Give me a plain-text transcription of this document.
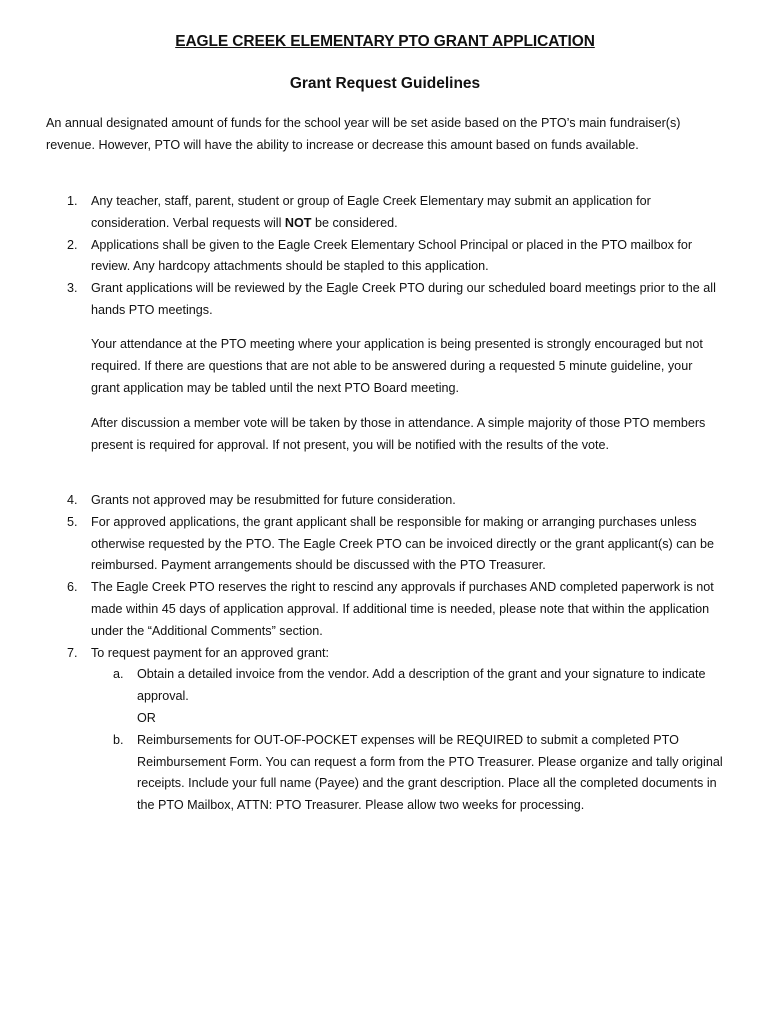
EAGLE CREEK ELEMENTARY PTO GRANT APPLICATION
Grant Request Guidelines
An annual designated amount of funds for the school year will be set aside based on the PTO’s main fundraiser(s) revenue. However, PTO will have the ability to increase or decrease this amount based on funds available.
1. Any teacher, staff, parent, student or group of Eagle Creek Elementary may submit an application for consideration. Verbal requests will NOT be considered.
2. Applications shall be given to the Eagle Creek Elementary School Principal or placed in the PTO mailbox for review. Any hardcopy attachments should be stapled to this application.
3. Grant applications will be reviewed by the Eagle Creek PTO during our scheduled board meetings prior to the all hands PTO meetings.
Your attendance at the PTO meeting where your application is being presented is strongly encouraged but not required. If there are questions that are not able to be answered during a requested 5 minute guideline, your grant application may be tabled until the next PTO Board meeting.
After discussion a member vote will be taken by those in attendance. A simple majority of those PTO members present is required for approval. If not present, you will be notified with the results of the vote.
4. Grants not approved may be resubmitted for future consideration.
5. For approved applications, the grant applicant shall be responsible for making or arranging purchases unless otherwise requested by the PTO. The Eagle Creek PTO can be invoiced directly or the grant applicant(s) can be reimbursed. Payment arrangements should be discussed with the PTO Treasurer.
6. The Eagle Creek PTO reserves the right to rescind any approvals if purchases AND completed paperwork is not made within 45 days of application approval. If additional time is needed, please note that within the application under the “Additional Comments” section.
7. To request payment for an approved grant:
a. Obtain a detailed invoice from the vendor. Add a description of the grant and your signature to indicate approval.
OR
b. Reimbursements for OUT-OF-POCKET expenses will be REQUIRED to submit a completed PTO Reimbursement Form. You can request a form from the PTO Treasurer. Please organize and tally original receipts. Include your full name (Payee) and the grant description. Place all the completed documents in the PTO Mailbox, ATTN: PTO Treasurer. Please allow two weeks for processing.
